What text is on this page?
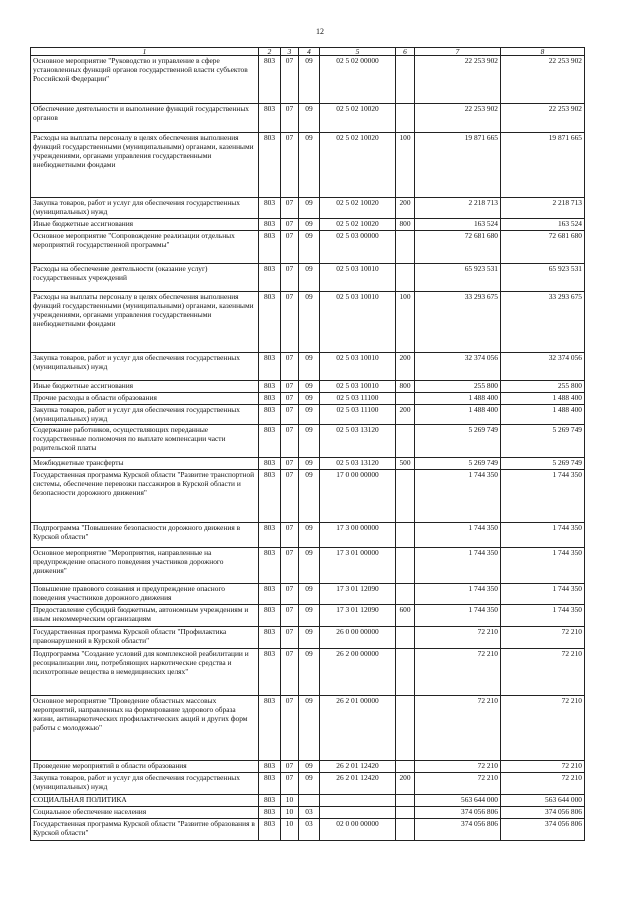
12
1	2	3	4	5	6	7	8
Основное мероприятие "Руководство и управление в сфере установленных функций органов государственной власти субъектов Российской Федерации"	803	07	09	02 5 02 00000		22 253 902	22 253 902
Обеспечение деятельности и выполнение функций государственных органов	803	07	09	02 5 02 10020		22 253 902	22 253 902
Расходы на выплаты персоналу в целях обеспечения выполнения функций государственными (муниципальными) органами, казенными учреждениями, органами управления государственными внебюджетными фондами	803	07	09	02 5 02 10020	100	19 871 665	19 871 665
Закупка товаров, работ и услуг для обеспечения государственных (муниципальных) нужд	803	07	09	02 5 02 10020	200	2 218 713	2 218 713
Иные бюджетные ассигнования	803	07	09	02 5 02 10020	800	163 524	163 524
Основное мероприятие "Сопровождение реализации отдельных мероприятий государственной программы"	803	07	09	02 5 03 00000		72 681 680	72 681 680
Расходы на обеспечение деятельности (оказание услуг) государственных учреждений	803	07	09	02 5 03 10010		65 923 531	65 923 531
Расходы на выплаты персоналу в целях обеспечения выполнения функций государственными (муниципальными) органами, казенными учреждениями, органами управления государственными внебюджетными фондами	803	07	09	02 5 03 10010	100	33 293 675	33 293 675
Закупка товаров, работ и услуг для обеспечения государственных (муниципальных) нужд	803	07	09	02 5 03 10010	200	32 374 056	32 374 056
Иные бюджетные ассигнования	803	07	09	02 5 03 10010	800	255 800	255 800
Прочие расходы в области образования	803	07	09	02 5 03 11100		1 488 400	1 488 400
Закупка товаров, работ и услуг для обеспечения государственных (муниципальных) нужд	803	07	09	02 5 03 11100	200	1 488 400	1 488 400
Содержание работников, осуществляющих переданные государственные полномочия по выплате компенсации части родительской платы	803	07	09	02 5 03 13120		5 269 749	5 269 749
Межбюджетные трансферты	803	07	09	02 5 03 13120	500	5 269 749	5 269 749
Государственная программа Курской области "Развитие транспортной системы, обеспечение перевозки пассажиров в Курской области и безопасности дорожного движения"	803	07	09	17 0 00 00000		1 744 350	1 744 350
Подпрограмма "Повышение безопасности дорожного движения в Курской области"	803	07	09	17 3 00 00000		1 744 350	1 744 350
Основное мероприятие "Мероприятия, направленные на предупреждение опасного поведения участников дорожного движения"	803	07	09	17 3 01 00000		1 744 350	1 744 350
Повышение правового сознания и предупреждение опасного поведения участников дорожного движения	803	07	09	17 3 01 12090		1 744 350	1 744 350
Предоставление субсидий бюджетным, автономным учреждениям и иным некоммерческим организациям	803	07	09	17 3 01 12090	600	1 744 350	1 744 350
Государственная программа Курской области "Профилактика правонарушений в Курской области"	803	07	09	26 0 00 00000		72 210	72 210
Подпрограмма "Создание условий для комплексной реабилитации и ресоциализации лиц, потребляющих наркотические средства и психотропные вещества в немедицинских целях"	803	07	09	26 2 00 00000		72 210	72 210
Основное мероприятие "Проведение областных массовых мероприятий, направленных на формирование здорового образа жизни, антинаркотических профилактических акций и других форм работы с молодежью"	803	07	09	26 2 01 00000		72 210	72 210
Проведение мероприятий в области образования	803	07	09	26 2 01 12420		72 210	72 210
Закупка товаров, работ и услуг для обеспечения государственных (муниципальных) нужд	803	07	09	26 2 01 12420	200	72 210	72 210
СОЦИАЛЬНАЯ ПОЛИТИКА	803	10				563 644 000	563 644 000
Социальное обеспечение населения	803	10	03			374 056 806	374 056 806
Государственная программа Курской области "Развитие образования в Курской области"	803	10	03	02 0 00 00000		374 056 806	374 056 806
